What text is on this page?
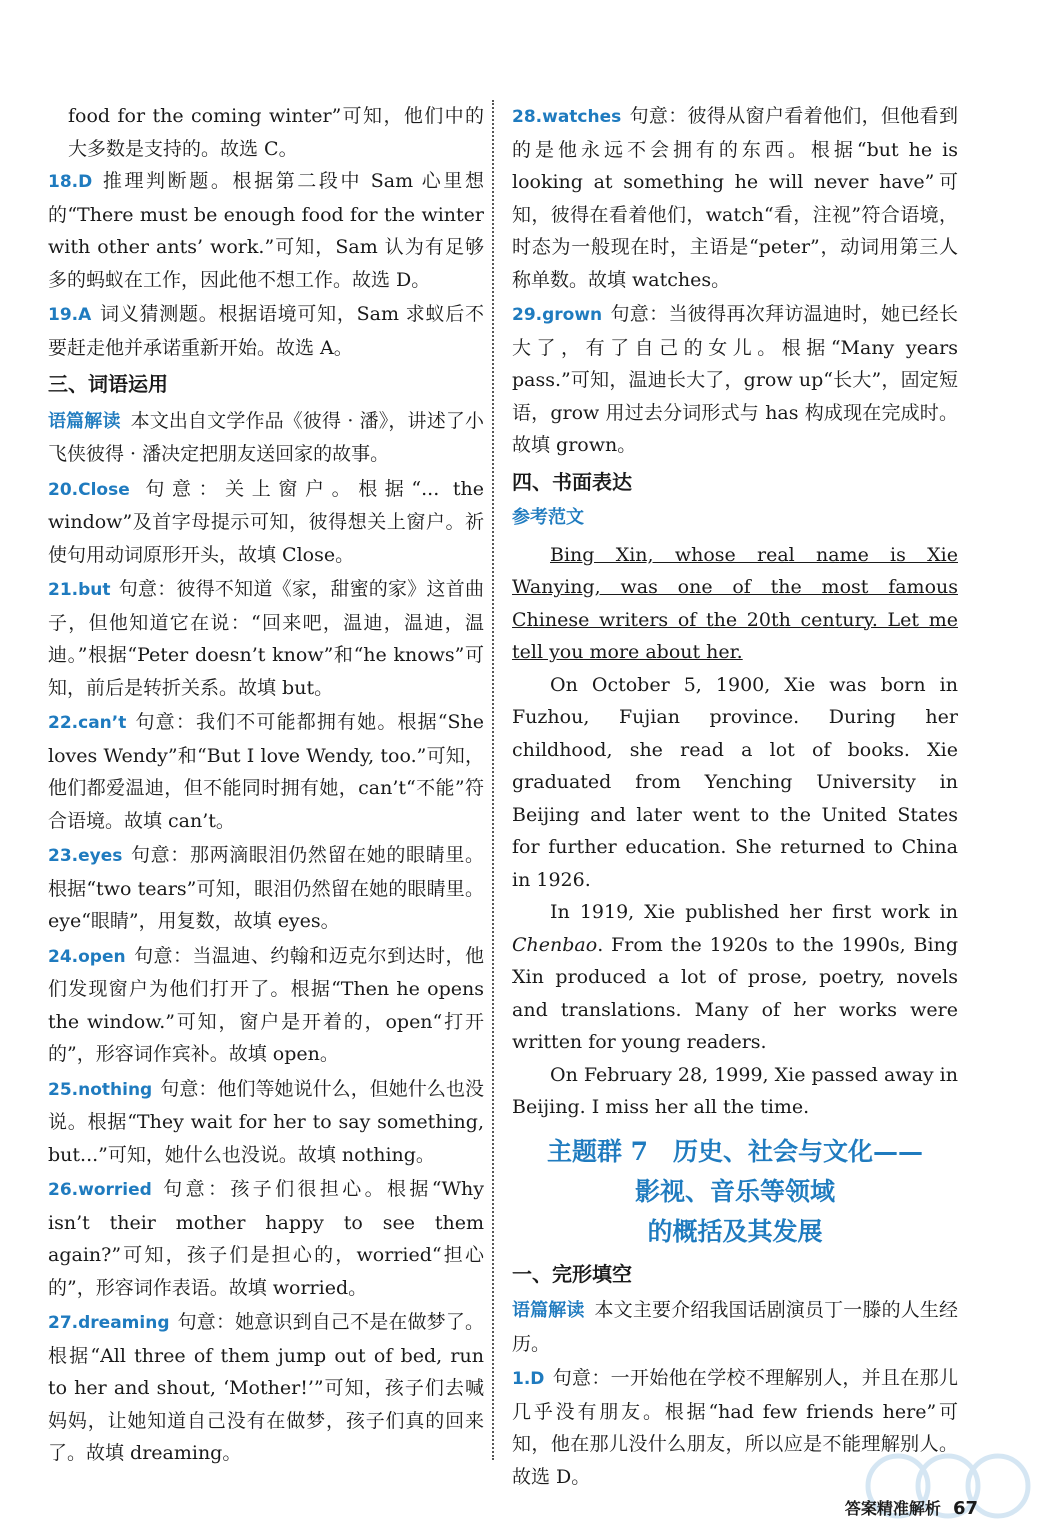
food for the coming winter”可知，他们中的大多数是支持的。故选 C。

18.D 推理判断题。根据第二段中 Sam 心里想的“There must be enough food for the winter with other ants’ work.”可知，Sam 认为有足够多的蚂蚁在工作，因此他不想工作。故选 D。

19.A 词义猜测题。根据语境可知，Sam 求蚁后不要赶走他并承诺重新开始。故选 A。

三、词语运用

语篇解读 本文出自文学作品《彼得 · 潘》，讲述了小飞侠彼得 · 潘决定把朋友送回家的故事。

20.Close 句意：关上窗户。根据“... the window”及首字母提示可知，彼得想关上窗户。祈使句用动词原形开头，故填 Close。

21.but 句意：彼得不知道《家，甜蜜的家》这首曲子，但他知道它在说：“回来吧，温迪，温迪，温迪。”根据“Peter doesn’t know”和“he knows”可知，前后是转折关系。故填 but。

22.can’t 句意：我们不可能都拥有她。根据“She loves Wendy”和“But I love Wendy, too.”可知，他们都爱温迪，但不能同时拥有她，can’t“不能”符合语境。故填 can’t。

23.eyes 句意：那两滴眼泪仍然留在她的眼睛里。根据“two tears”可知，眼泪仍然留在她的眼睛里。eye“眼睛”，用复数，故填 eyes。

24.open 句意：当温迪、约翰和迈克尔到达时，他们发现窗户为他们打开了。根据“Then he opens the window.”可知，窗户是开着的，open“打开的”，形容词作宾补。故填 open。

25.nothing 句意：他们等她说什么，但她什么也没说。根据“They wait for her to say something, but...”可知，她什么也没说。故填 nothing。

26.worried 句意：孩子们很担心。根据“Why isn’t their mother happy to see them again?”可知，孩子们是担心的，worried“担心的”，形容词作表语。故填 worried。

27.dreaming 句意：她意识到自己不是在做梦了。根据“All three of them jump out of bed, run to her and shout, ‘Mother!’”可知，孩子们去喊妈妈，让她知道自己没有在做梦，孩子们真的回来了。故填 dreaming。

28.watches 句意：彼得从窗户看着他们，但他看到的是他永远不会拥有的东西。根据“but he is looking at something he will never have”可知，彼得在看着他们，watch“看，注视”符合语境，时态为一般现在时，主语是“peter”，动词用第三人称单数。故填 watches。

29.grown 句意：当彼得再次拜访温迪时，她已经长大了，有了自己的女儿。根据“Many years pass.”可知，温迪长大了，grow up“长大”，固定短语，grow 用过去分词形式与 has 构成现在完成时。故填 grown。

四、书面表达
参考范文

Bing Xin, whose real name is Xie Wanying, was one of the most famous Chinese writers of the 20th century. Let me tell you more about her.

On October 5, 1900, Xie was born in Fuzhou, Fujian province. During her childhood, she read a lot of books. Xie graduated from Yenching University in Beijing and later went to the United States for further education. She returned to China in 1926.

In 1919, Xie published her first work in Chenbao. From the 1920s to the 1990s, Bing Xin produced a lot of prose, poetry, novels and translations. Many of her works were written for young readers.

On February 28, 1999, Xie passed away in Beijing. I miss her all the time.

主题群 7　历史、社会与文化——
影视、音乐等领域
的概括及其发展
一、完形填空

语篇解读 本文主要介绍我国话剧演员丁一滕的人生经历。

1.D 句意：一开始他在学校不理解别人，并且在那儿几乎没有朋友。根据“had few friends here”可知，他在那儿没什么朋友，所以应是不能理解别人。故选 D。

答案精准解析 67
